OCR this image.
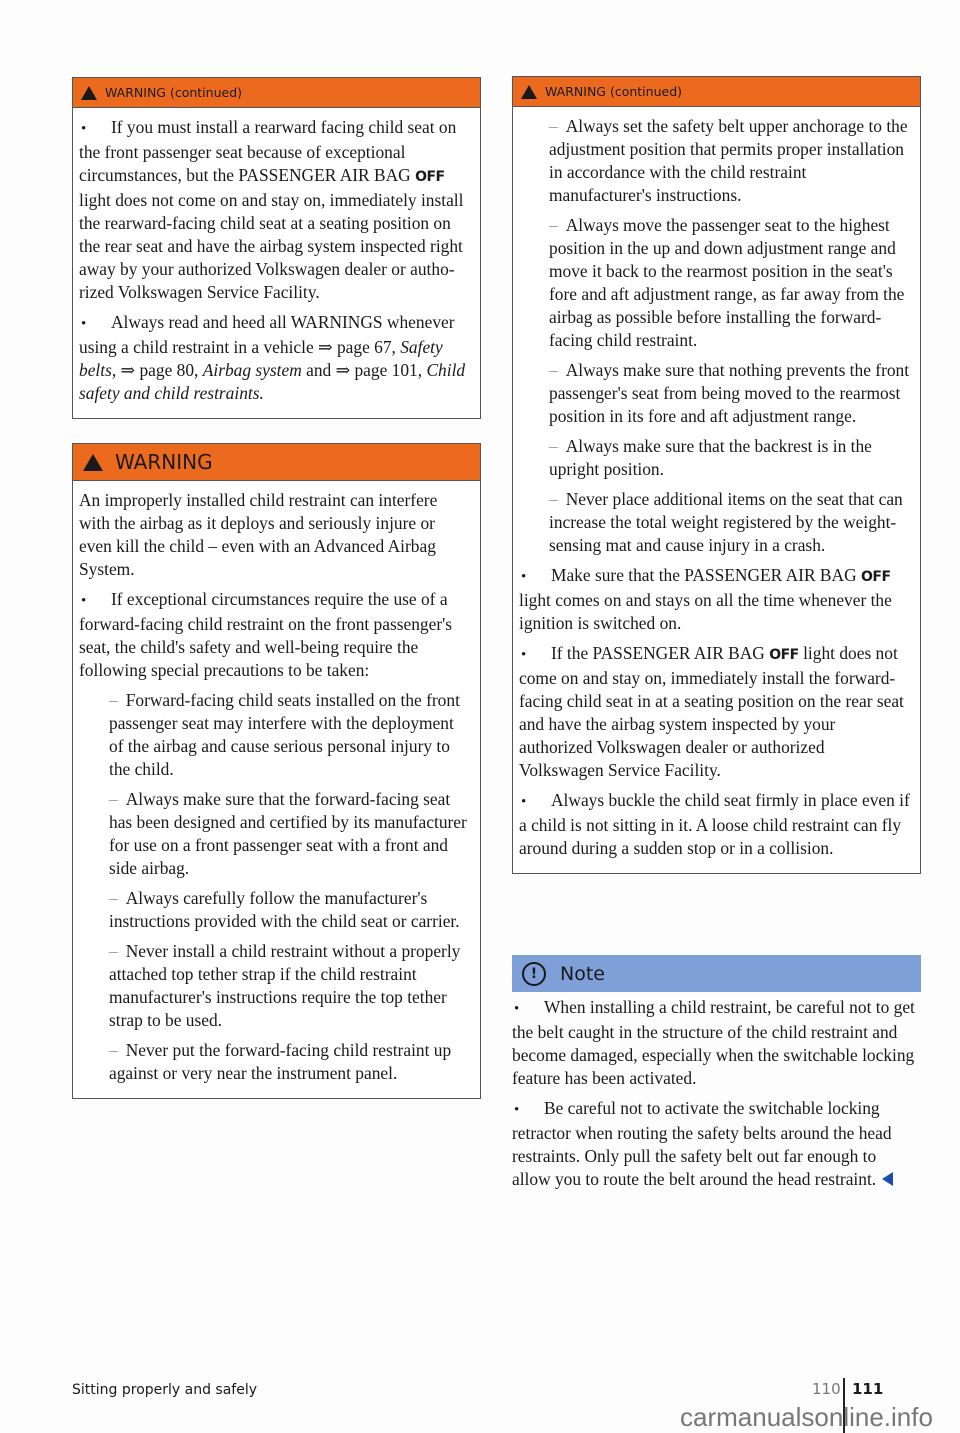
WARNING (continued)

• If you must install a rearward facing child seat on the front passenger seat because of exceptional circumstances, but the PASSENGER AIR BAG OFF light does not come on and stay on, immediately install the rearward-facing child seat at a seating position on the rear seat and have the airbag system inspected right away by your authorized Volkswagen dealer or authorized Volkswagen Service Facility.

• Always read and heed all WARNINGS whenever using a child restraint in a vehicle ⇒ page 67, Safety belts, ⇒ page 80, Airbag system and ⇒ page 101, Child safety and child restraints.

WARNING

An improperly installed child restraint can interfere with the airbag as it deploys and seriously injure or even kill the child – even with an Advanced Airbag System.

• If exceptional circumstances require the use of a forward-facing child restraint on the front passenger's seat, the child's safety and well-being require the following special precautions to be taken:

– Forward-facing child seats installed on the front passenger seat may interfere with the deployment of the airbag and cause serious personal injury to the child.

– Always make sure that the forward-facing seat has been designed and certified by its manufacturer for use on a front passenger seat with a front and side airbag.

– Always carefully follow the manufacturer's instructions provided with the child seat or carrier.

– Never install a child restraint without a properly attached top tether strap if the child restraint manufacturer's instructions require the top tether strap to be used.

– Never put the forward-facing child restraint up against or very near the instrument panel.

WARNING (continued)

– Always set the safety belt upper anchorage to the adjustment position that permits proper installation in accordance with the child restraint manufacturer's instructions.

– Always move the passenger seat to the highest position in the up and down adjustment range and move it back to the rearmost position in the seat's fore and aft adjustment range, as far away from the airbag as possible before installing the forward-facing child restraint.

– Always make sure that nothing prevents the front passenger's seat from being moved to the rearmost position in its fore and aft adjustment range.

– Always make sure that the backrest is in the upright position.

– Never place additional items on the seat that can increase the total weight registered by the weight-sensing mat and cause injury in a crash.

• Make sure that the PASSENGER AIR BAG OFF light comes on and stays on all the time whenever the ignition is switched on.

• If the PASSENGER AIR BAG OFF light does not come on and stay on, immediately install the forward-facing child seat in at a seating position on the rear seat and have the airbag system inspected by your authorized Volkswagen dealer or authorized Volkswagen Service Facility.

• Always buckle the child seat firmly in place even if a child is not sitting in it. A loose child restraint can fly around during a sudden stop or in a collision.

!	Note

• When installing a child restraint, be careful not to get the belt caught in the structure of the child restraint and become damaged, especially when the switchable locking feature has been activated.

• Be careful not to activate the switchable locking retractor when routing the safety belts around the head restraints. Only pull the safety belt out far enough to allow you to route the belt around the head restraint.

Sitting properly and safely	110 111
carmanualsonline.info
